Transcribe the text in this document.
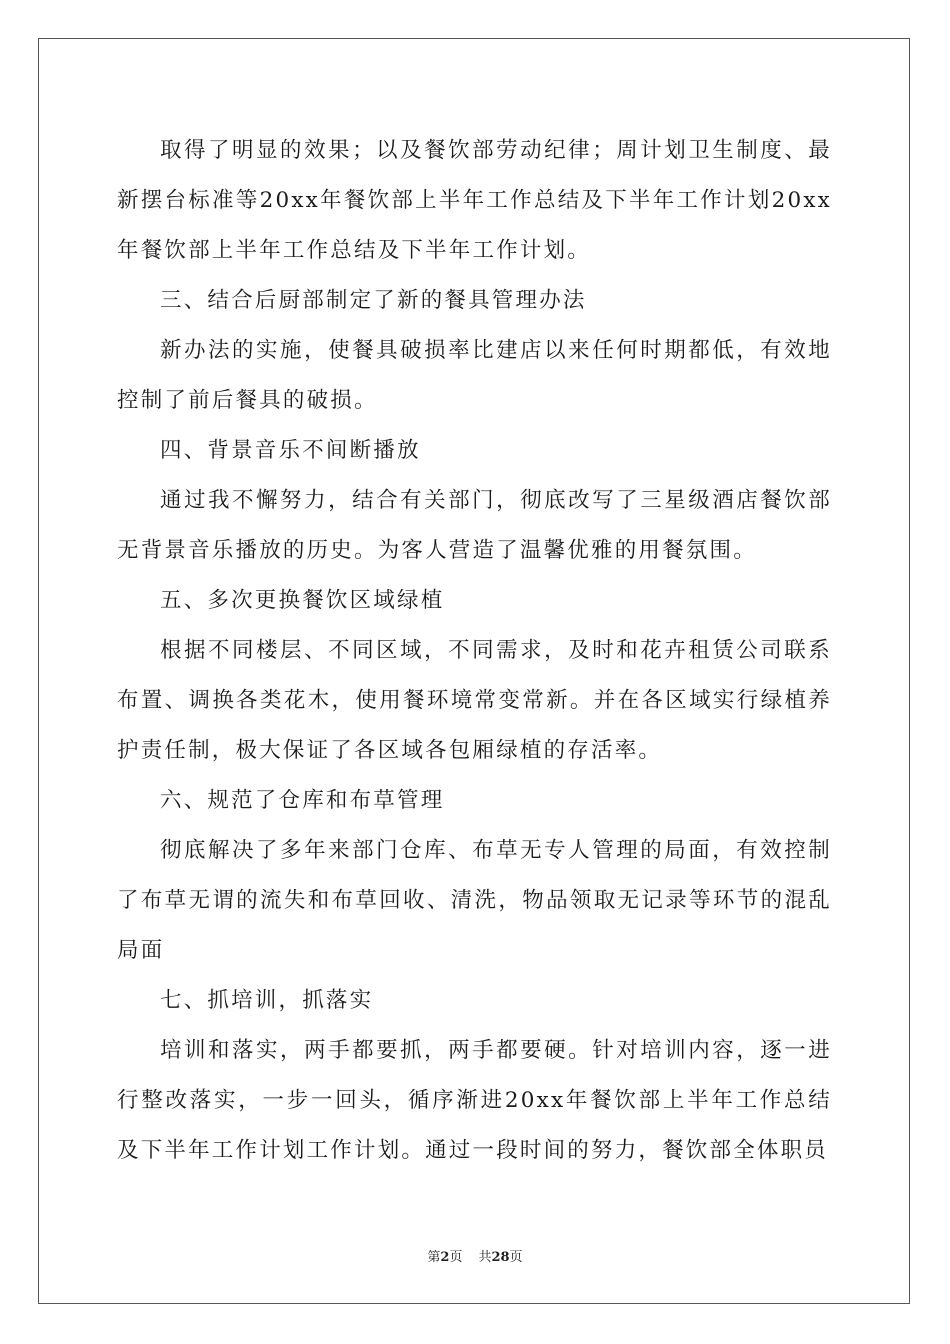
取得了明显的效果；以及餐饮部劳动纪律；周计划卫生制度、最新摆台标准等20xx年餐饮部上半年工作总结及下半年工作计划20xx年餐饮部上半年工作总结及下半年工作计划。

三、结合后厨部制定了新的餐具管理办法

新办法的实施，使餐具破损率比建店以来任何时期都低，有效地控制了前后餐具的破损。

四、背景音乐不间断播放

通过我不懈努力，结合有关部门，彻底改写了三星级酒店餐饮部无背景音乐播放的历史。为客人营造了温馨优雅的用餐氛围。

五、多次更换餐饮区域绿植

根据不同楼层、不同区域，不同需求，及时和花卉租赁公司联系布置、调换各类花木，使用餐环境常变常新。并在各区域实行绿植养护责任制，极大保证了各区域各包厢绿植的存活率。

六、规范了仓库和布草管理

彻底解决了多年来部门仓库、布草无专人管理的局面，有效控制了布草无谓的流失和布草回收、清洗，物品领取无记录等环节的混乱局面

七、抓培训，抓落实

培训和落实，两手都要抓，两手都要硬。针对培训内容，逐一进行整改落实，一步一回头，循序渐进20xx年餐饮部上半年工作总结及下半年工作计划工作计划。通过一段时间的努力，餐饮部全体职员

第2页 共28页
